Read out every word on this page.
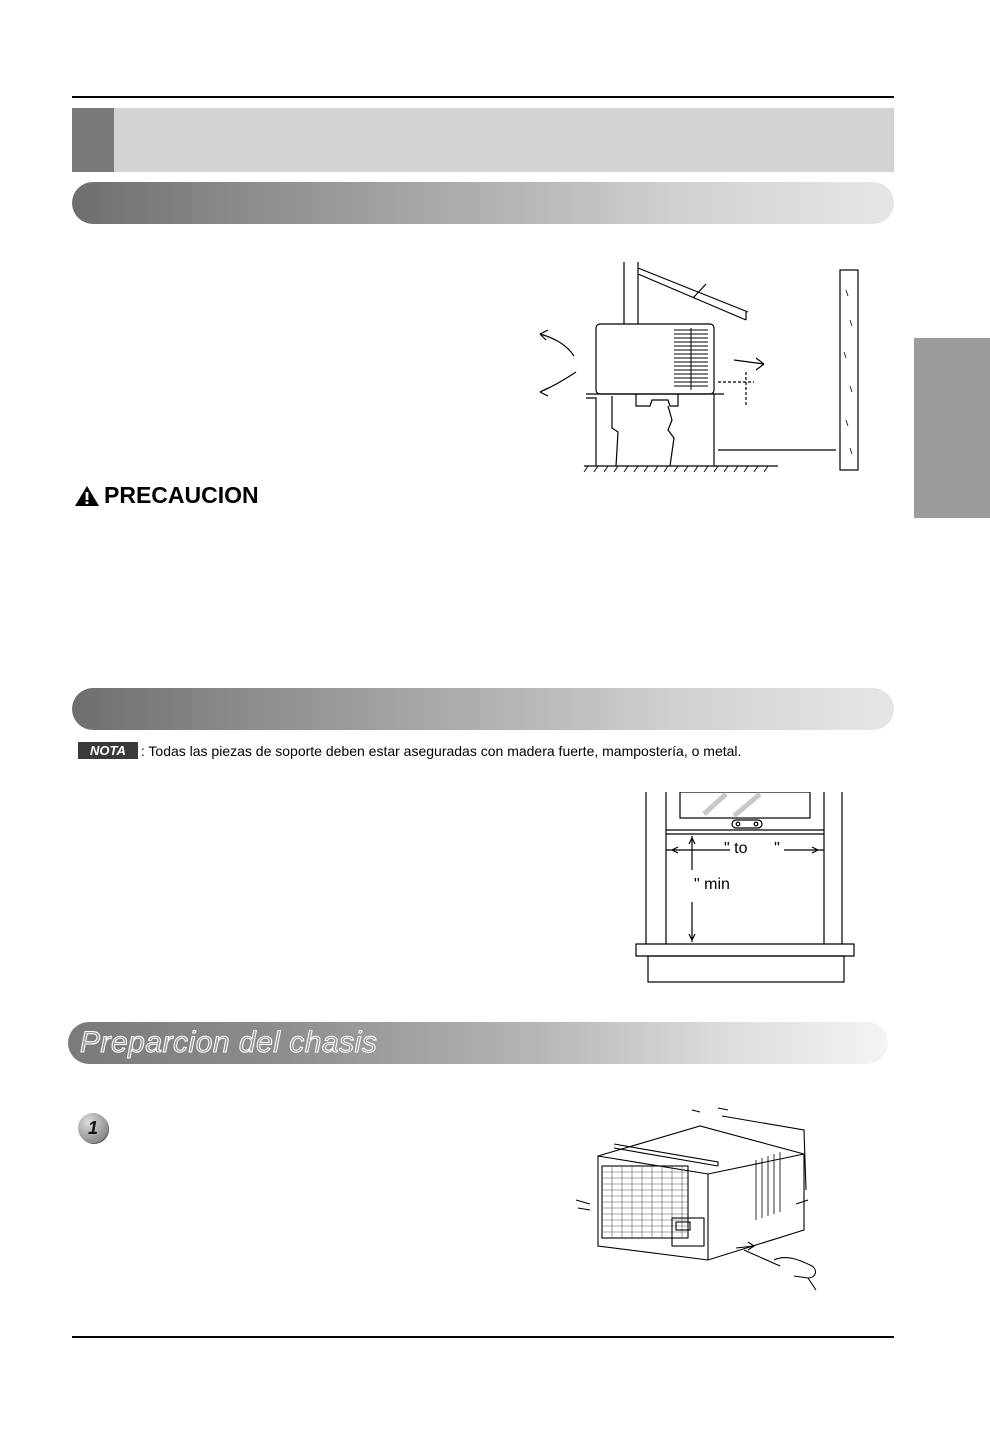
PRECAUCION
NOTA	: Todas las piezas de soporte deben estar aseguradas con madera fuerte, mampostería, o metal.
" to      "
" min
Preparcion del chasis
1
